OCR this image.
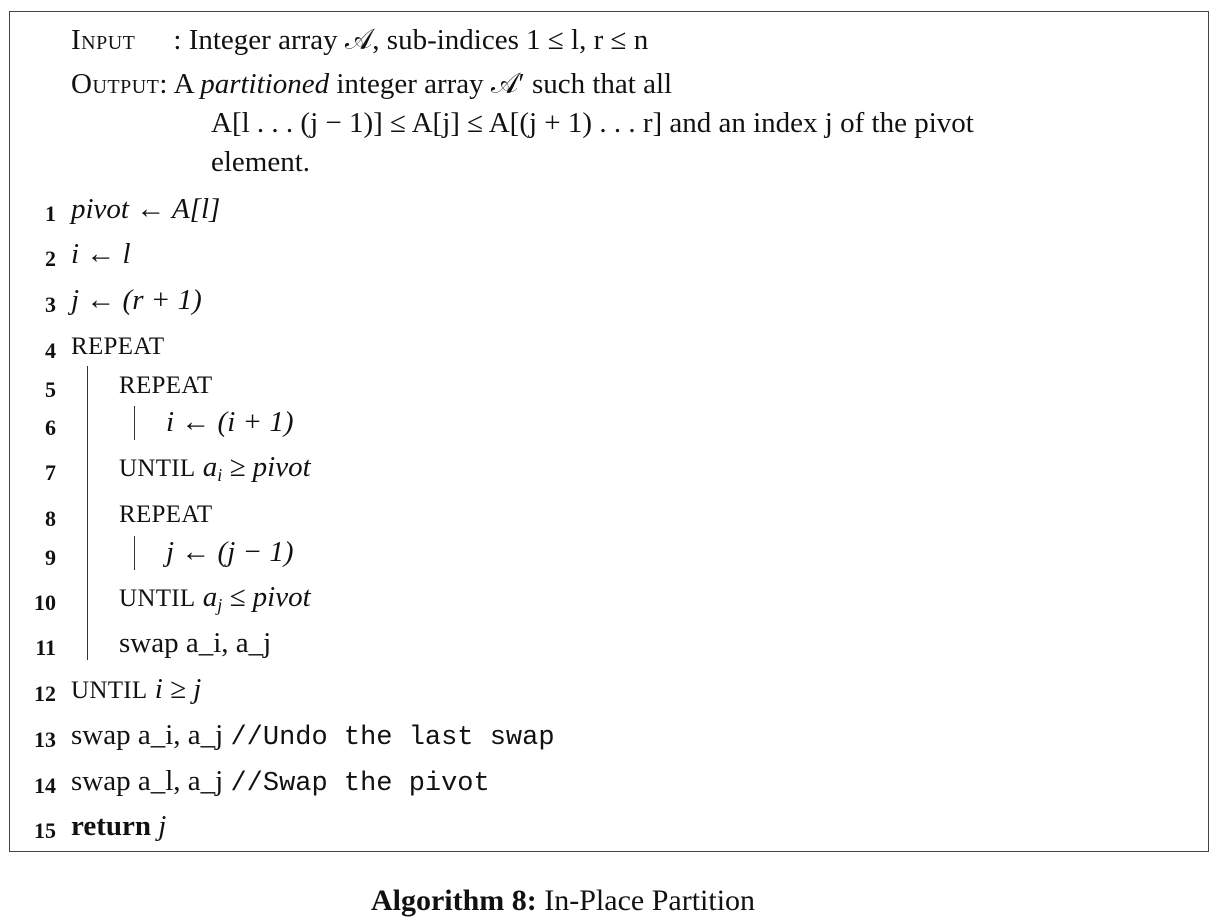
Input : Integer array 𝒜, sub-indices 1 ≤ l, r ≤ n
Output: A partitioned integer array 𝒜′ such that all
A[l . . . (j − 1)] ≤ A[j] ≤ A[(j + 1) . . . r] and an index j of the pivot
element.
1
2
3
4
5
6
7
8
9
10
11
12
13
14
15
pivot ← A[l]
i ← l
j ← (r + 1)
REPEAT
REPEAT
i ← (i + 1)
UNTIL $a_i$ ≥ pivot
REPEAT
j ← (j − 1)
UNTIL $a_j$ ≤ pivot
swap a_i, a_j
UNTIL i ≥ j
swap a_i, a_j //Undo the last swap
swap a_l, a_j //Swap the pivot
return j
Algorithm 8: In-Place Partition
